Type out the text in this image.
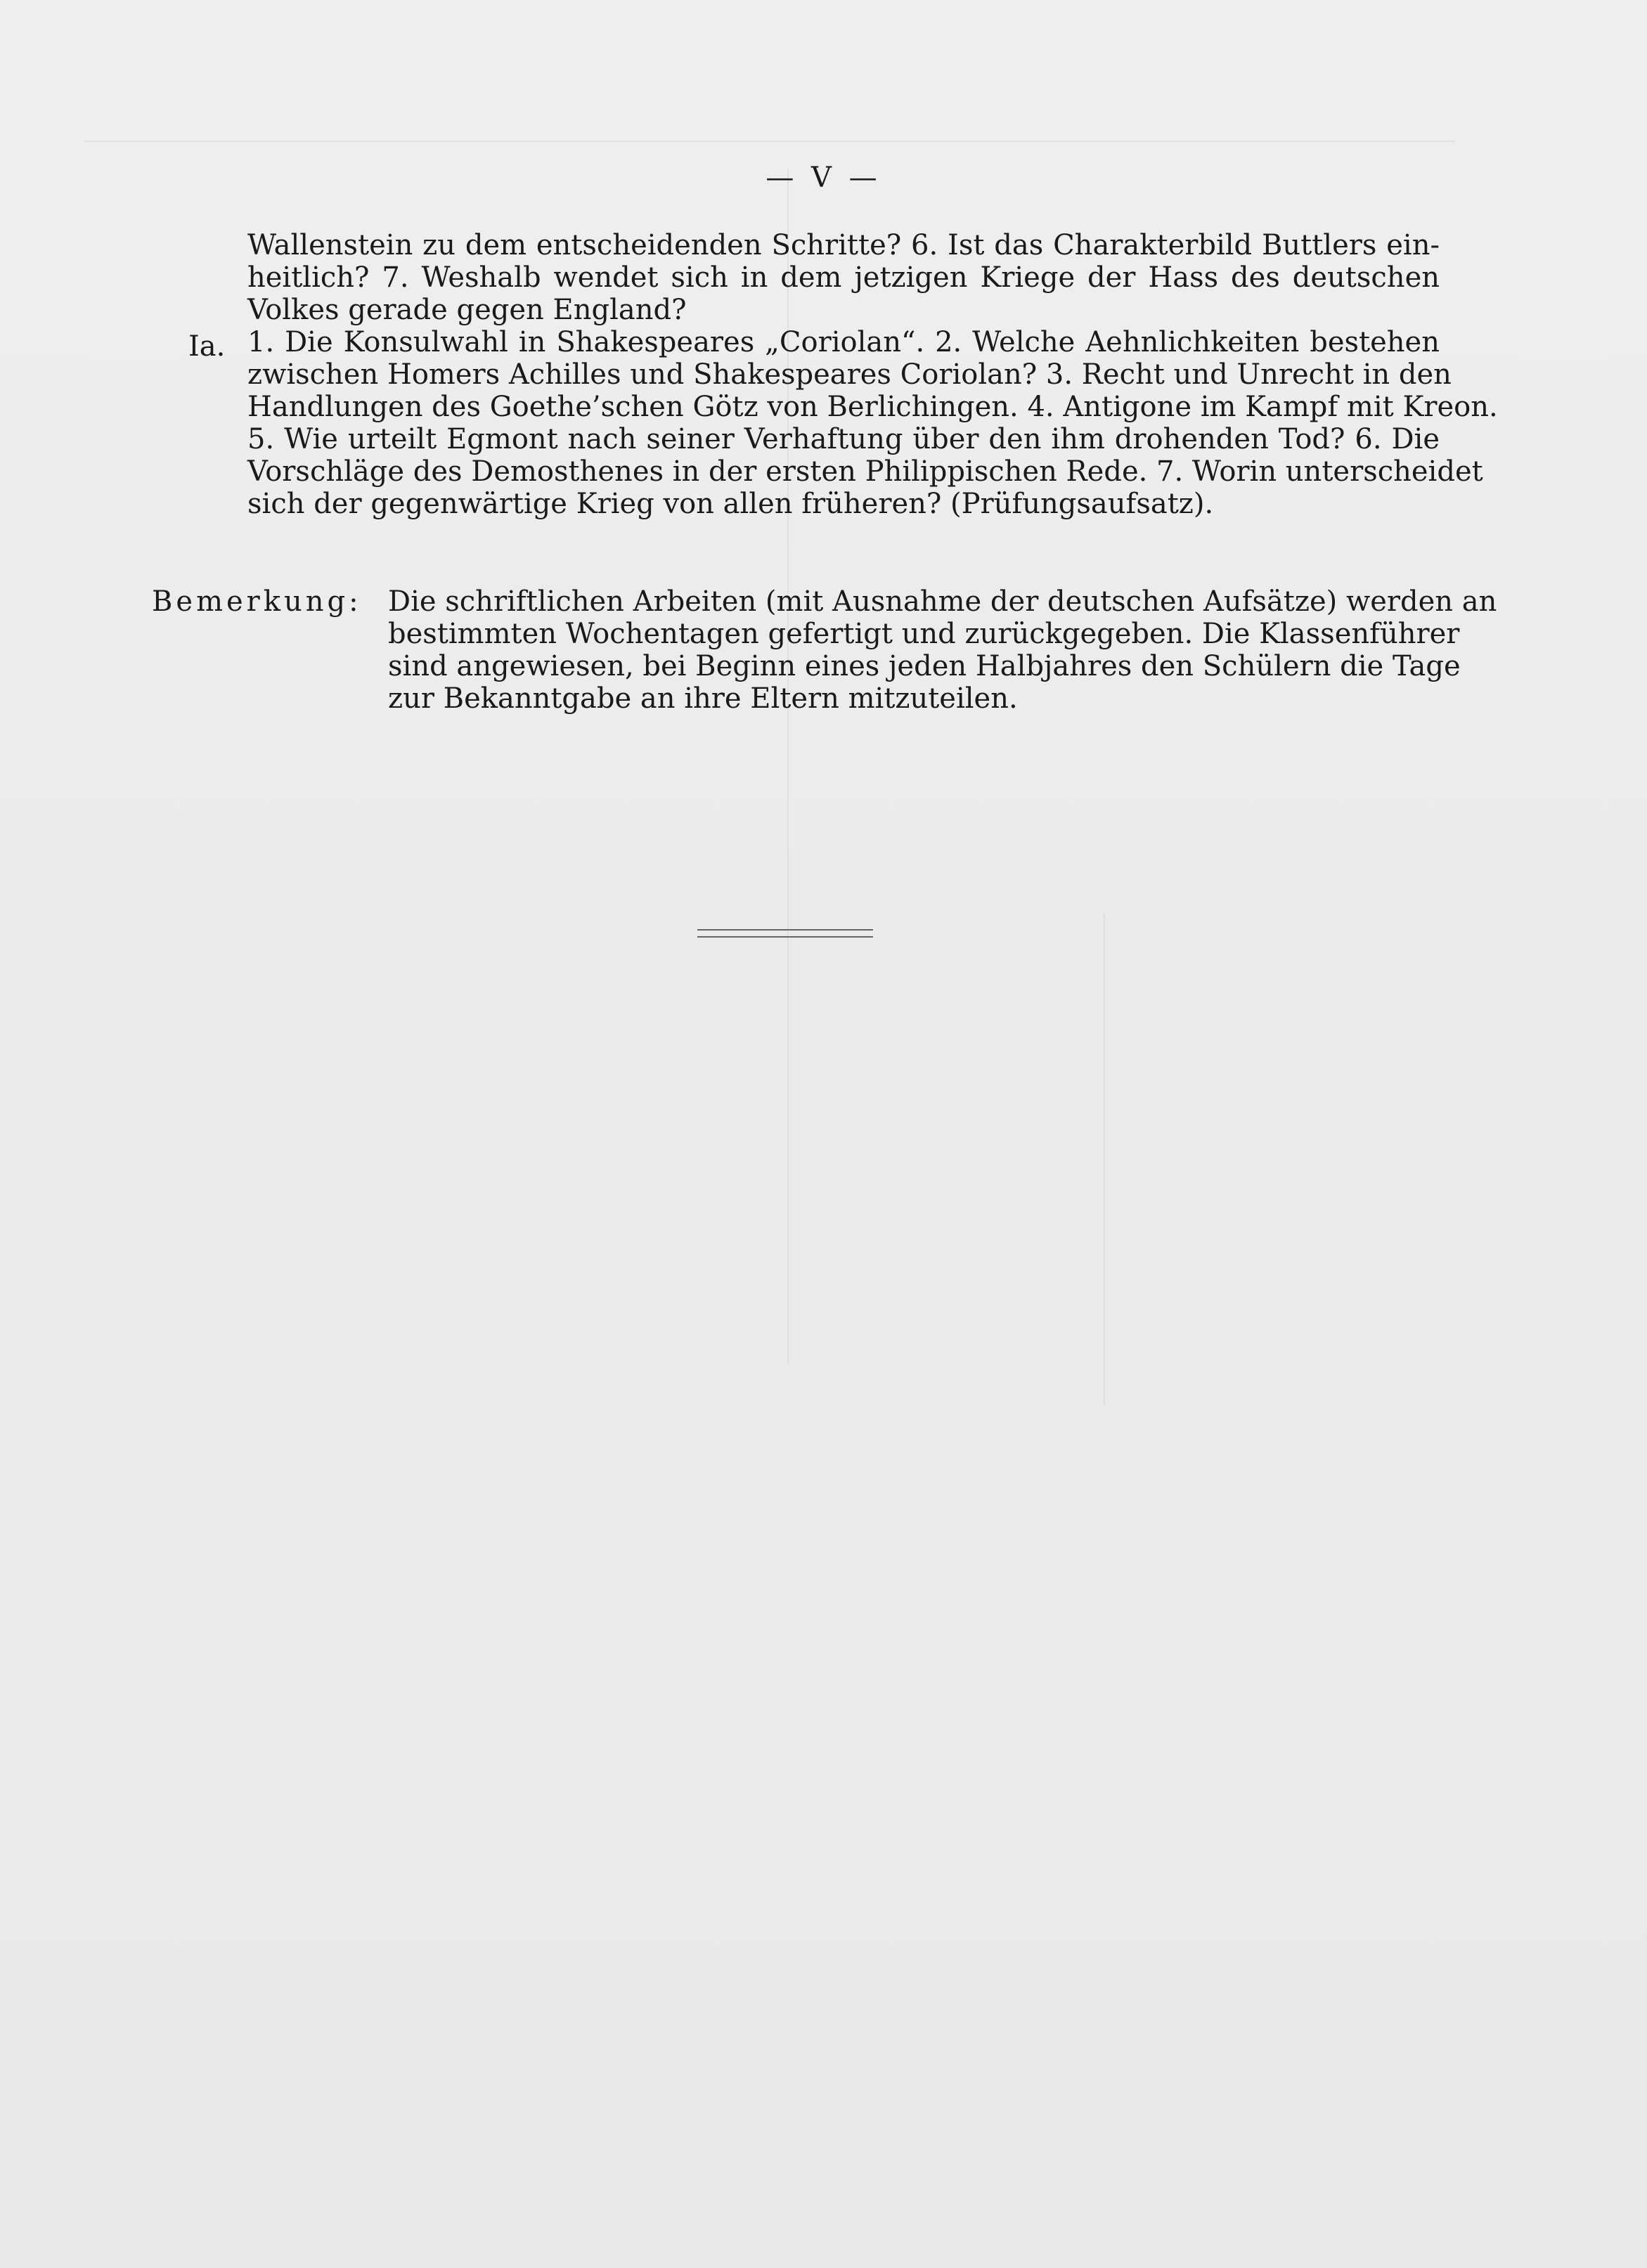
— V —
Wallenstein zu dem entscheidenden Schritte? 6. Ist das Charakterbild Buttlers ein-
heitlich? 7. Weshalb wendet sich in dem jetzigen Kriege der Hass des deutschen
Volkes gerade gegen England?
Ia. 1. Die Konsulwahl in Shakespeares „Coriolan“. 2. Welche Aehnlichkeiten bestehen
zwischen Homers Achilles und Shakespeares Coriolan? 3. Recht und Unrecht in den
Handlungen des Goethe’schen Götz von Berlichingen. 4. Antigone im Kampf mit Kreon.
5. Wie urteilt Egmont nach seiner Verhaftung über den ihm drohenden Tod? 6. Die
Vorschläge des Demosthenes in der ersten Philippischen Rede. 7. Worin unterscheidet
sich der gegenwärtige Krieg von allen früheren? (Prüfungsaufsatz).
Bemerkung: Die schriftlichen Arbeiten (mit Ausnahme der deutschen Aufsätze) werden an
bestimmten Wochentagen gefertigt und zurückgegeben. Die Klassenführer
sind angewiesen, bei Beginn eines jeden Halbjahres den Schülern die Tage
zur Bekanntgabe an ihre Eltern mitzuteilen.
